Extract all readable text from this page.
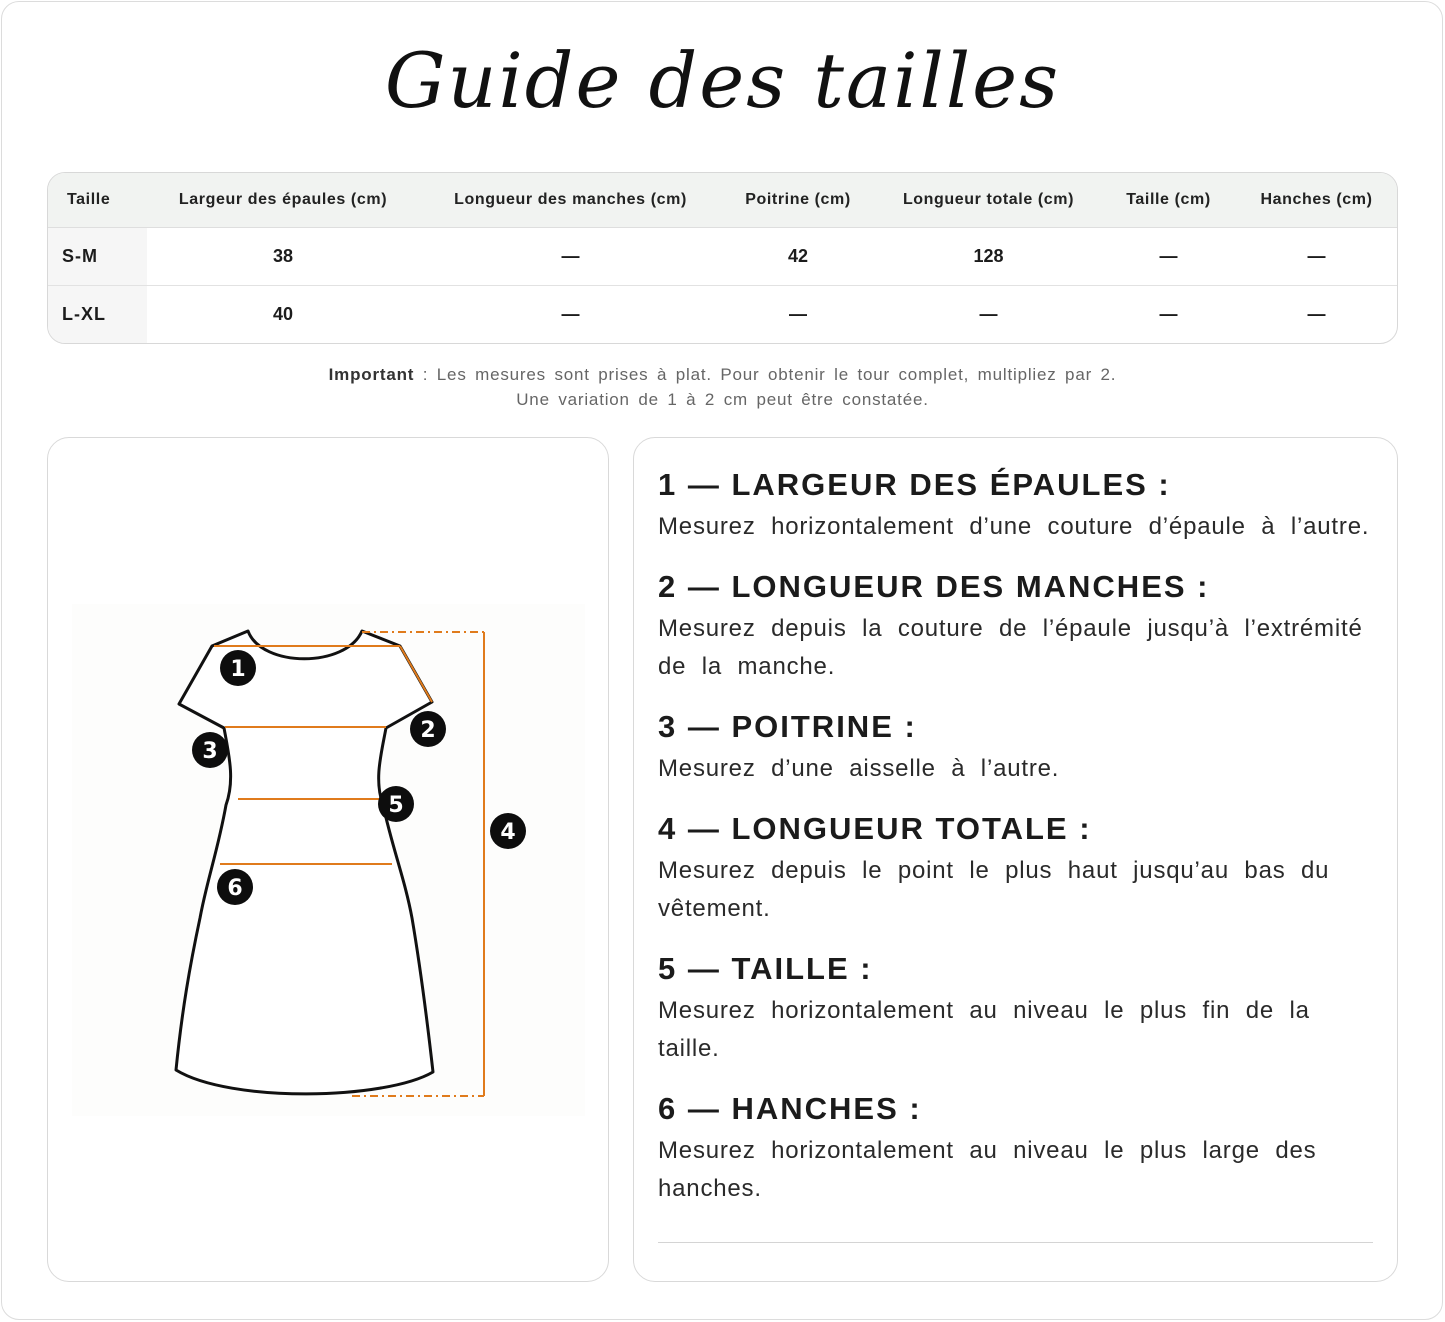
Guide des tailles
Taille	Largeur des épaules (cm)	Longueur des manches (cm)	Poitrine (cm)	Longueur totale (cm)	Taille (cm)	Hanches (cm)
S-M	38	—	42	128	—	—
L-XL	40	—	—	—	—	—

Important : Les mesures sont prises à plat. Pour obtenir le tour complet, multipliez par 2.

Une variation de 1 à 2 cm peut être constatée.

1
2
3
4
5
6
1 — LARGEUR DES ÉPAULES :
Mesurez horizontalement d’une couture d’épaule à l’autre.
2 — LONGUEUR DES MANCHES :
Mesurez depuis la couture de l’épaule jusqu’à l’extrémité de la manche.
3 — POITRINE :
Mesurez d’une aisselle à l’autre.
4 — LONGUEUR TOTALE :
Mesurez depuis le point le plus haut jusqu’au bas du vêtement.
5 — TAILLE :
Mesurez horizontalement au niveau le plus fin de la taille.
6 — HANCHES :
Mesurez horizontalement au niveau le plus large des hanches.
